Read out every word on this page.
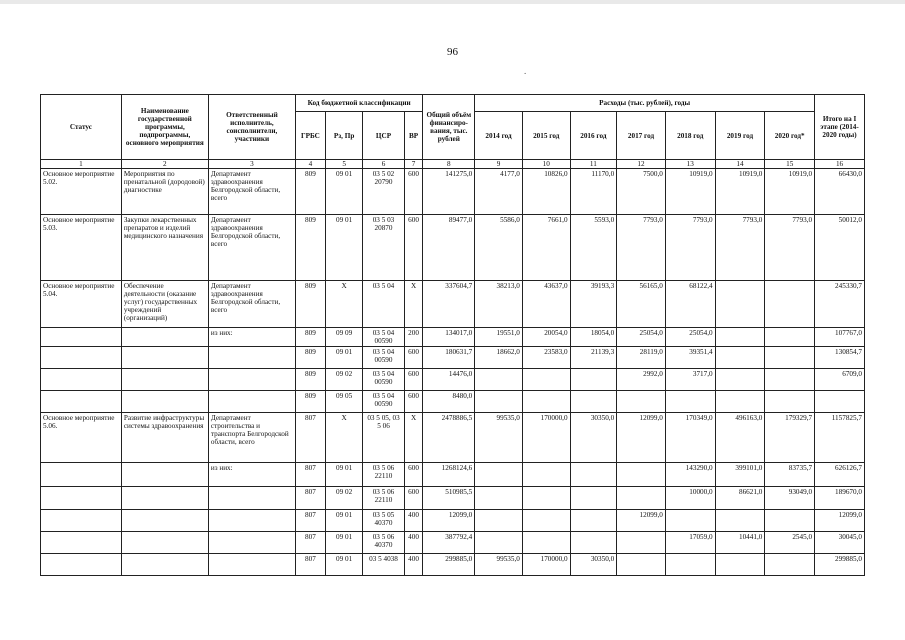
96
.
Статус	Наименование государственной программы, подпрограммы, основного мероприятия	Ответственный исполнитель, соисполнители, участники	Код бюджетной классификации				Общий объём финансиро-вания, тыс. рублей	Расходы (тыс. рублей), годы							Итого на I этапе (2014-2020 годы)
			ГРБС	Рз, Пр	ЦСР	ВР		2014 год	2015 год	2016 год	2017 год	2018 год	2019 год	2020 год*	
1	2	3	4	5	6	7	8	9	10	11	12	13	14	15	16
Основное мероприятие 5.02.	Мероприятия по пренатальной (дородовой) диагностике	Департамент здравоохранения Белгородской области, всего	809	09 01	03 5 02 20790	600	141275,0	4177,0	10826,0	11170,0	7500,0	10919,0	10919,0	10919,0	66430,0
Основное мероприятие 5.03.	Закупки лекарственных препаратов и изделий медицинского назначения	Департамент здравоохранения Белгородской области, всего	809	09 01	03 5 03 20870	600	89477,0	5586,0	7661,0	5593,0	7793,0	7793,0	7793,0	7793,0	50012,0
Основное мероприятие 5.04.	Обеспечение деятельности (оказание услуг) государственных учреждений (организаций)	Департамент здравоохранения Белгородской области, всего	809	Х	03 5 04	Х	337604,7	38213,0	43637,0	39193,3	56165,0	68122,4			245330,7
		из них:	809	09 09	03 5 04 00590	200	134017,0	19551,0	20054,0	18054,0	25054,0	25054,0			107767,0
			809	09 01	03 5 04 00590	600	180631,7	18662,0	23583,0	21139,3	28119,0	39351,4			130854,7
			809	09 02	03 5 04 00590	600	14476,0				2992,0	3717,0			6709,0
			809	09 05	03 5 04 00590	600	8480,0								
Основное мероприятие 5.06.	Развитие инфраструктуры системы здравоохранения	Департамент строительства и транспорта Белгородской области, всего	807	Х	03 5 05, 03 5 06	Х	2478886,5	99535,0	170000,0	30350,0	12099,0	170349,0	496163,0	179329,7	1157825,7
		из них:	807	09 01	03 5 06 22110	600	1268124,6					143290,0	399101,0	83735,7	626126,7
			807	09 02	03 5 06 22110	600	510985,5					10000,0	86621,0	93049,0	189670,0
			807	09 01	03 5 05 40370	400	12099,0				12099,0				12099,0
			807	09 01	03 5 06 40370	400	387792,4					17059,0	10441,0	2545,0	30045,0
			807	09 01	03 5 4038	400	299885,0	99535,0	170000,0	30350,0					299885,0
